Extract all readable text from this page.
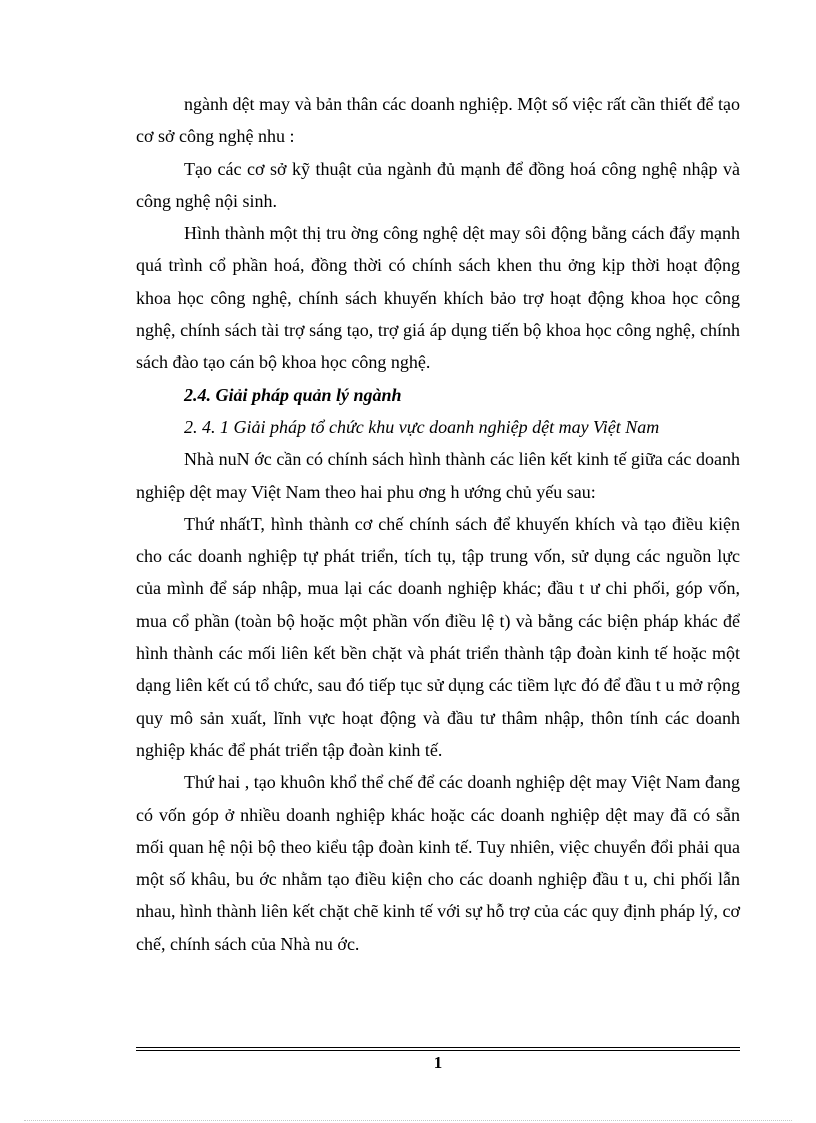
ngành dệt may và bản thân các doanh nghiệp. Một số việc rất cần thiết để tạo cơ sở công nghệ nhu :

Tạo các cơ sở kỹ thuật của ngành đủ mạnh để đồng hoá công nghệ nhập và công nghệ nội sinh.

Hình thành một thị tru ờng công nghệ dệt may sôi động bằng cách đẩy mạnh quá trình cổ phần hoá, đồng thời có chính sách khen thu ởng kịp thời hoạt động khoa học công nghệ, chính sách khuyến khích bảo trợ hoạt động khoa học công nghệ, chính sách tài trợ sáng tạo, trợ giá áp dụng tiến bộ khoa học công nghệ, chính sách đào tạo cán bộ khoa học công nghệ.

2.4. Giải pháp quản lý ngành

2. 4. 1 Giải pháp tổ chức khu vực doanh nghiệp dệt may Việt Nam

Nhà nuN ớc cần có chính sách hình thành các liên kết kinh tế giữa các doanh nghiệp dệt may Việt Nam theo hai phu ơng h ướng chủ yếu sau:

Thứ nhấtT, hình thành cơ chế chính sách để khuyến khích và tạo điều kiện cho các doanh nghiệp tự phát triển, tích tụ, tập trung vốn, sử dụng các nguồn lực của mình để sáp nhập, mua lại các doanh nghiệp khác; đầu t ư chi phối, góp vốn, mua cổ phần (toàn bộ hoặc một phần vốn điều lệ t) và bằng các biện pháp khác để hình thành các mối liên kết bền chặt và phát triển thành tập đoàn kinh tế hoặc một dạng liên kết cú tổ chức, sau đó tiếp tục sử dụng các tiềm lực đó để đầu t u mở rộng quy mô sản xuất, lĩnh vực hoạt động và đầu tư thâm nhập, thôn tính các doanh nghiệp khác để phát triển tập đoàn kinh tế.

Thứ hai , tạo khuôn khổ thể chế để các doanh nghiệp dệt may Việt Nam đang có vốn góp ở nhiều doanh nghiệp khác hoặc các doanh nghiệp dệt may đã có sẵn mối quan hệ nội bộ theo kiểu tập đoàn kinh tế. Tuy nhiên, việc chuyển đổi phải qua một số khâu, bu ớc nhằm tạo điều kiện cho các doanh nghiệp đầu t u, chi phối lẫn nhau, hình thành liên kết chặt chẽ kinh tế với sự hỗ trợ của các quy định pháp lý, cơ chế, chính sách của Nhà nu ớc.

1
